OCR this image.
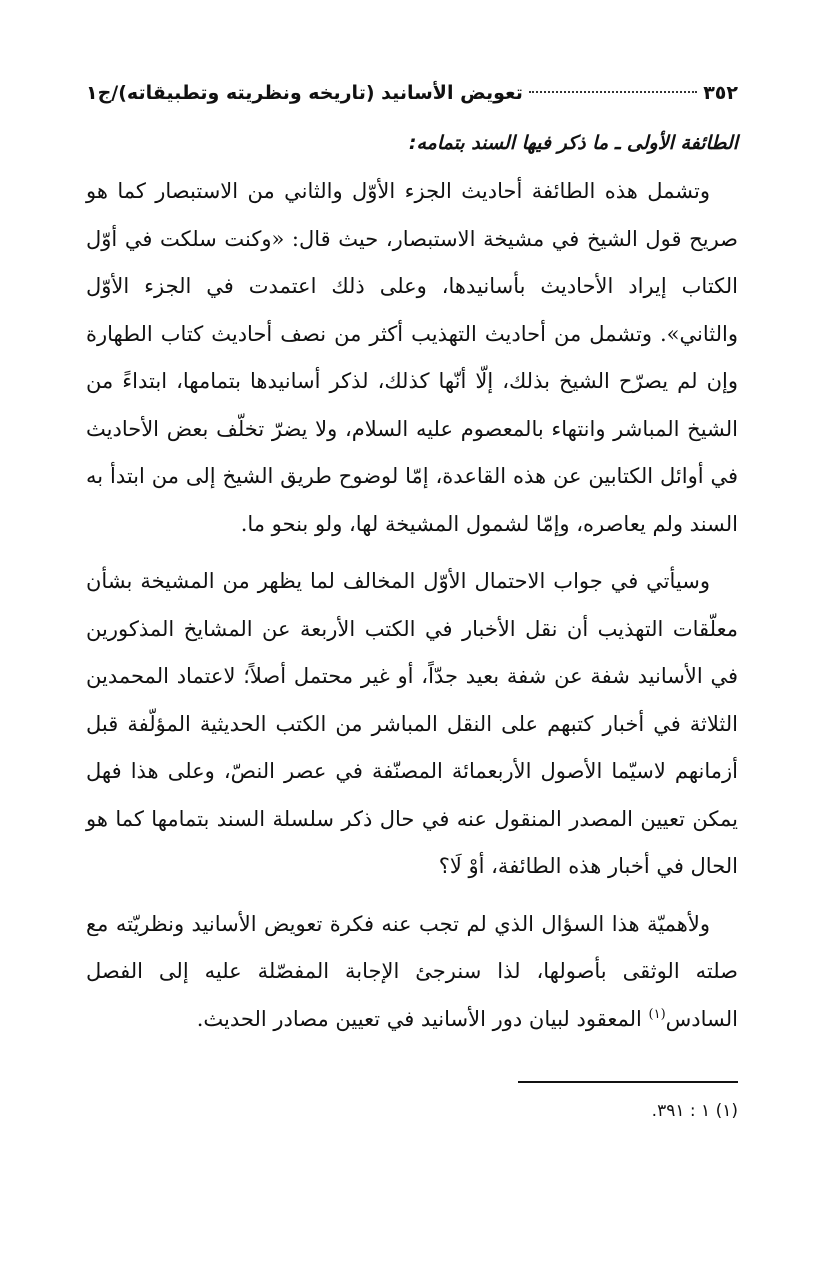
٣٥٢
تعويض الأسانيد (تاريخه ونظريته وتطبيقاته)/ج١
الطائفة الأولى ـ ما ذكر فيها السند بتمامه:

وتشمل هذه الطائفة أحاديث الجزء الأوّل والثاني من الاستبصار كما هو صريح قول الشيخ في مشيخة الاستبصار، حيث قال: «وكنت سلكت في أوّل الكتاب إيراد الأحاديث بأسانيدها، وعلى ذلك اعتمدت في الجزء الأوّل والثاني». وتشمل من أحاديث التهذيب أكثر من نصف أحاديث كتاب الطهارة وإن لم يصرّح الشيخ بذلك، إلّا أنّها كذلك، لذكر أسانيدها بتمامها، ابتداءً من الشيخ المباشر وانتهاء بالمعصوم عليه السلام، ولا يضرّ تخلّف بعض الأحاديث في أوائل الكتابين عن هذه القاعدة، إمّا لوضوح طريق الشيخ إلى من ابتدأ به السند ولم يعاصره، وإمّا لشمول المشيخة لها، ولو بنحو ما.

وسيأتي في جواب الاحتمال الأوّل المخالف لما يظهر من المشيخة بشأن معلّقات التهذيب أن نقل الأخبار في الكتب الأربعة عن المشايخ المذكورين في الأسانيد شفة عن شفة بعيد جدّاً، أو غير محتمل أصلاً؛ لاعتماد المحمدين الثلاثة في أخبار كتبهم على النقل المباشر من الكتب الحديثية المؤلّفة قبل أزمانهم لاسيّما الأصول الأربعمائة المصنّفة في عصر النصّ، وعلى هذا فهل يمكن تعيين المصدر المنقول عنه في حال ذكر سلسلة السند بتمامها كما هو الحال في أخبار هذه الطائفة، أوْ لَا؟

ولأهميّة هذا السؤال الذي لم تجب عنه فكرة تعويض الأسانيد ونظريّته مع صلته الوثقى بأصولها، لذا سنرجئ الإجابة المفصّلة عليه إلى الفصل السادس$^{(١)}$ المعقود لبيان دور الأسانيد في تعيين مصادر الحديث.

(١) ١ : ٣٩١.
